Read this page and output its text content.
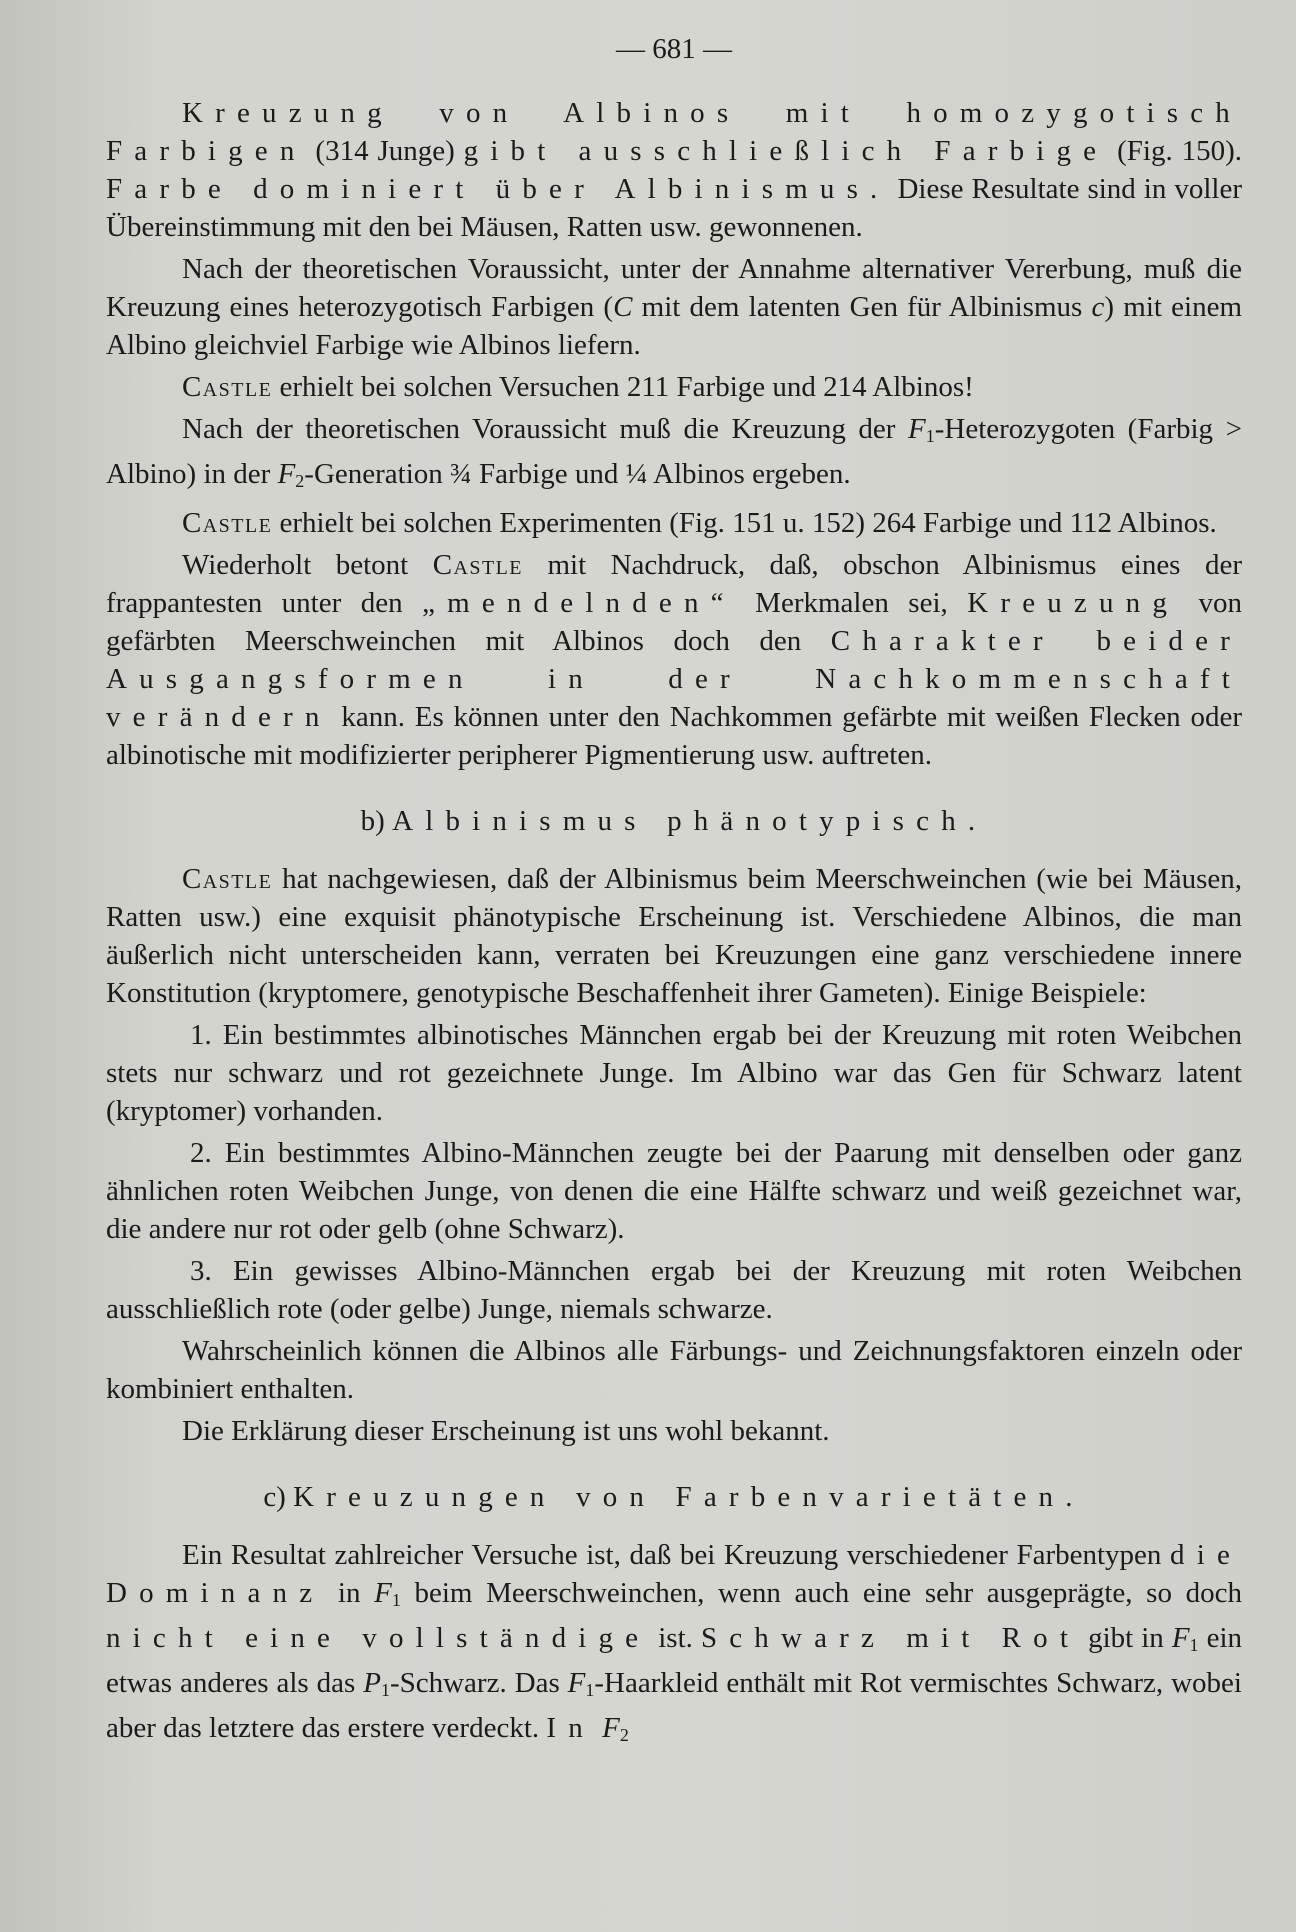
— 681 —

Kreuzung von Albinos mit homozygotisch Farbigen (314 Junge) gibt ausschließlich Farbige (Fig. 150). Farbe dominiert über Albinismus. Diese Resultate sind in voller Übereinstimmung mit den bei Mäusen, Ratten usw. gewonnenen.

Nach der theoretischen Voraussicht, unter der Annahme alternativer Vererbung, muß die Kreuzung eines heterozygotisch Farbigen (C mit dem latenten Gen für Albinismus c) mit einem Albino gleichviel Farbige wie Albinos liefern.

Castle erhielt bei solchen Versuchen 211 Farbige und 214 Albinos!

Nach der theoretischen Voraussicht muß die Kreuzung der $F_1$-Heterozygoten (Farbig > Albino) in der $F_2$-Generation ¾ Farbige und ¼ Albinos ergeben.

Castle erhielt bei solchen Experimenten (Fig. 151 u. 152) 264 Farbige und 112 Albinos.

Wiederholt betont Castle mit Nachdruck, daß, obschon Albinismus eines der frappantesten unter den „mendelnden“ Merkmalen sei, Kreuzung von gefärbten Meerschweinchen mit Albinos doch den Charakter beider Ausgangsformen in der Nachkommenschaft verändern kann. Es können unter den Nachkommen gefärbte mit weißen Flecken oder albinotische mit modifizierter peripherer Pigmentierung usw. auftreten.

b) Albinismus phänotypisch.

Castle hat nachgewiesen, daß der Albinismus beim Meerschweinchen (wie bei Mäusen, Ratten usw.) eine exquisit phänotypische Erscheinung ist. Verschiedene Albinos, die man äußerlich nicht unterscheiden kann, verraten bei Kreuzungen eine ganz verschiedene innere Konstitution (kryptomere, genotypische Beschaffenheit ihrer Gameten). Einige Beispiele:

1. Ein bestimmtes albinotisches Männchen ergab bei der Kreuzung mit roten Weibchen stets nur schwarz und rot gezeichnete Junge. Im Albino war das Gen für Schwarz latent (kryptomer) vorhanden.

2. Ein bestimmtes Albino-Männchen zeugte bei der Paarung mit denselben oder ganz ähnlichen roten Weibchen Junge, von denen die eine Hälfte schwarz und weiß gezeichnet war, die andere nur rot oder gelb (ohne Schwarz).

3. Ein gewisses Albino-Männchen ergab bei der Kreuzung mit roten Weibchen ausschließlich rote (oder gelbe) Junge, niemals schwarze.

Wahrscheinlich können die Albinos alle Färbungs- und Zeichnungsfaktoren einzeln oder kombiniert enthalten.

Die Erklärung dieser Erscheinung ist uns wohl bekannt.

c) Kreuzungen von Farbenvarietäten.

Ein Resultat zahlreicher Versuche ist, daß bei Kreuzung verschiedener Farbentypen die Dominanz in $F_1$ beim Meerschweinchen, wenn auch eine sehr ausgeprägte, so doch nicht eine vollständige ist. Schwarz mit Rot gibt in $F_1$ ein etwas anderes als das $P_1$-Schwarz. Das $F_1$-Haarkleid enthält mit Rot vermischtes Schwarz, wobei aber das letztere das erstere verdeckt. In $F_2$
